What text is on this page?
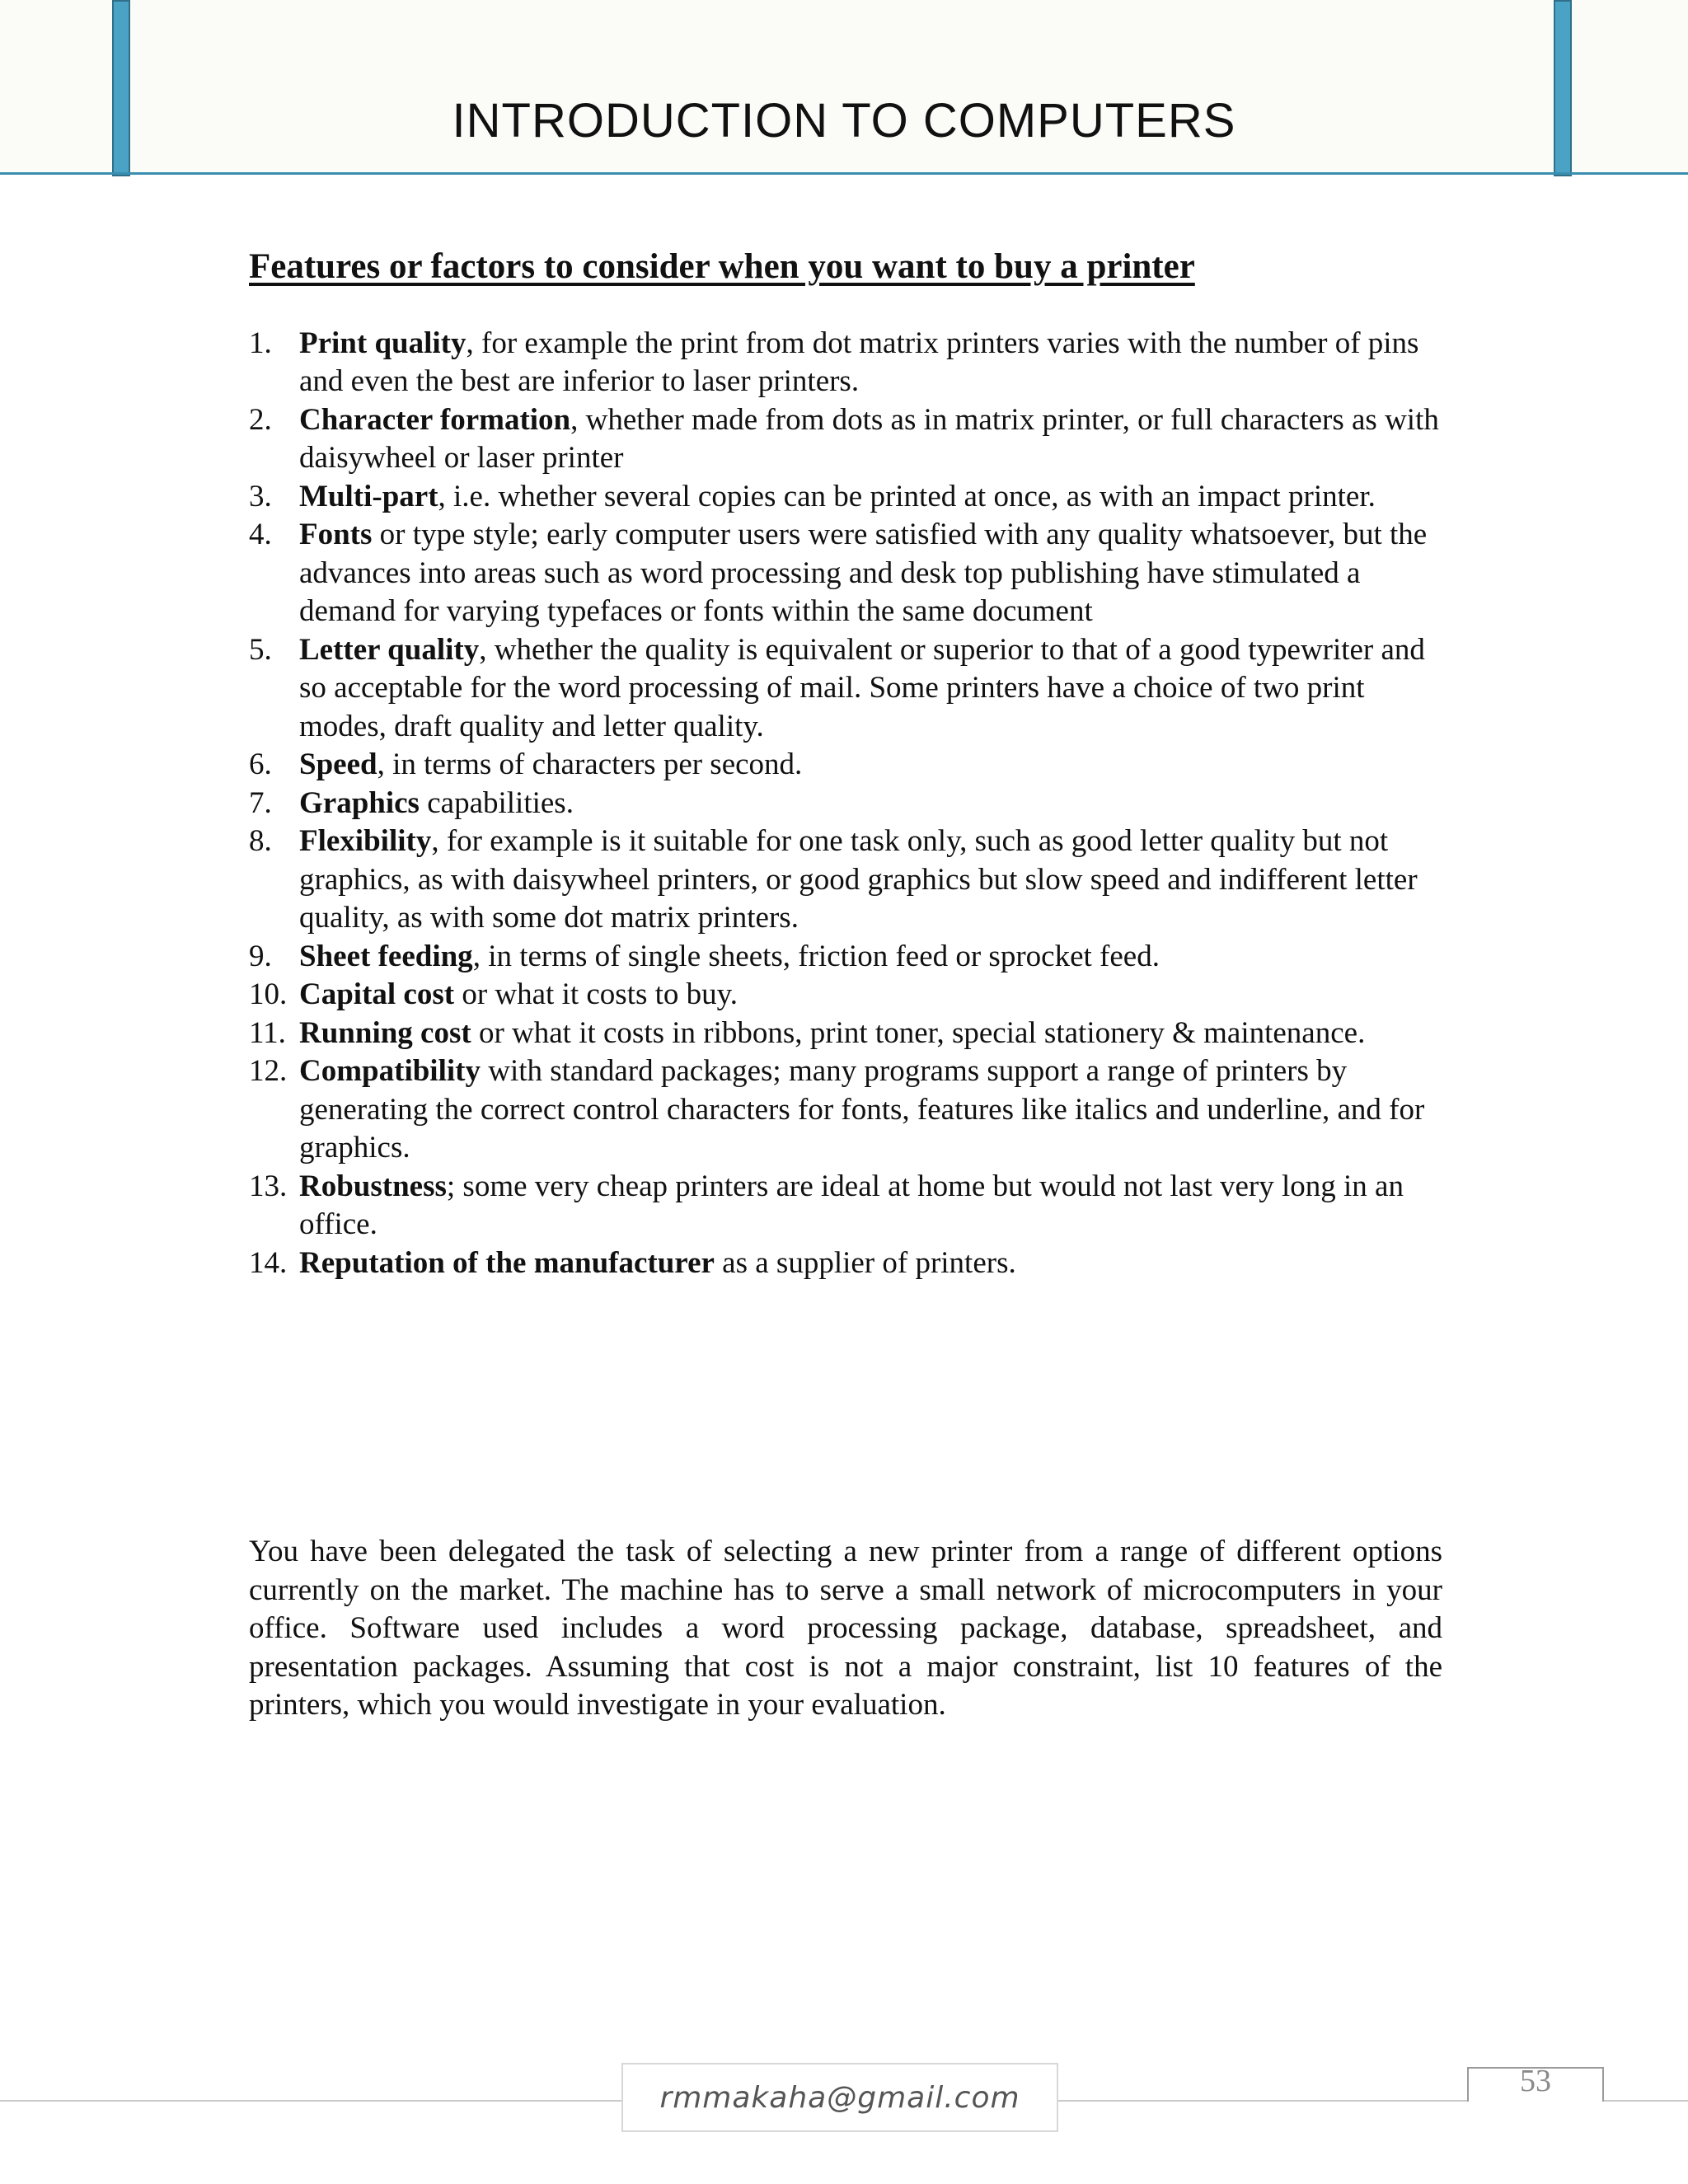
INTRODUCTION TO COMPUTERS
Features or factors to consider when you want to buy a printer
1. Print quality, for example the print from dot matrix printers varies with the number of pins and even the best are inferior to laser printers.
2. Character formation, whether made from dots as in matrix printer, or full characters as with daisywheel or laser printer
3. Multi-part, i.e. whether several copies can be printed at once, as with an impact printer.
4. Fonts or type style; early computer users were satisfied with any quality whatsoever, but the advances into areas such as word processing and desk top publishing have stimulated a demand for varying typefaces or fonts within the same document
5. Letter quality, whether the quality is equivalent or superior to that of a good typewriter and so acceptable for the word processing of mail. Some printers have a choice of two print modes, draft quality and letter quality.
6. Speed, in terms of characters per second.
7. Graphics capabilities.
8. Flexibility, for example is it suitable for one task only, such as good letter quality but not graphics, as with daisywheel printers, or good graphics but slow speed and indifferent letter quality, as with some dot matrix printers.
9. Sheet feeding, in terms of single sheets, friction feed or sprocket feed.
10. Capital cost or what it costs to buy.
11. Running cost or what it costs in ribbons, print toner, special stationery & maintenance.
12. Compatibility with standard packages; many programs support a range of printers by generating the correct control characters for fonts, features like italics and underline, and for graphics.
13. Robustness; some very cheap printers are ideal at home but would not last very long in an office.
14. Reputation of the manufacturer as a supplier of printers.

You have been delegated the task of selecting a new printer from a range of different options currently on the market. The machine has to serve a small network of microcomputers in your office. Software used includes a word processing package, database, spreadsheet, and presentation packages. Assuming that cost is not a major constraint, list 10 features of the printers, which you would investigate in your evaluation.

rmmakaha@gmail.com	53
